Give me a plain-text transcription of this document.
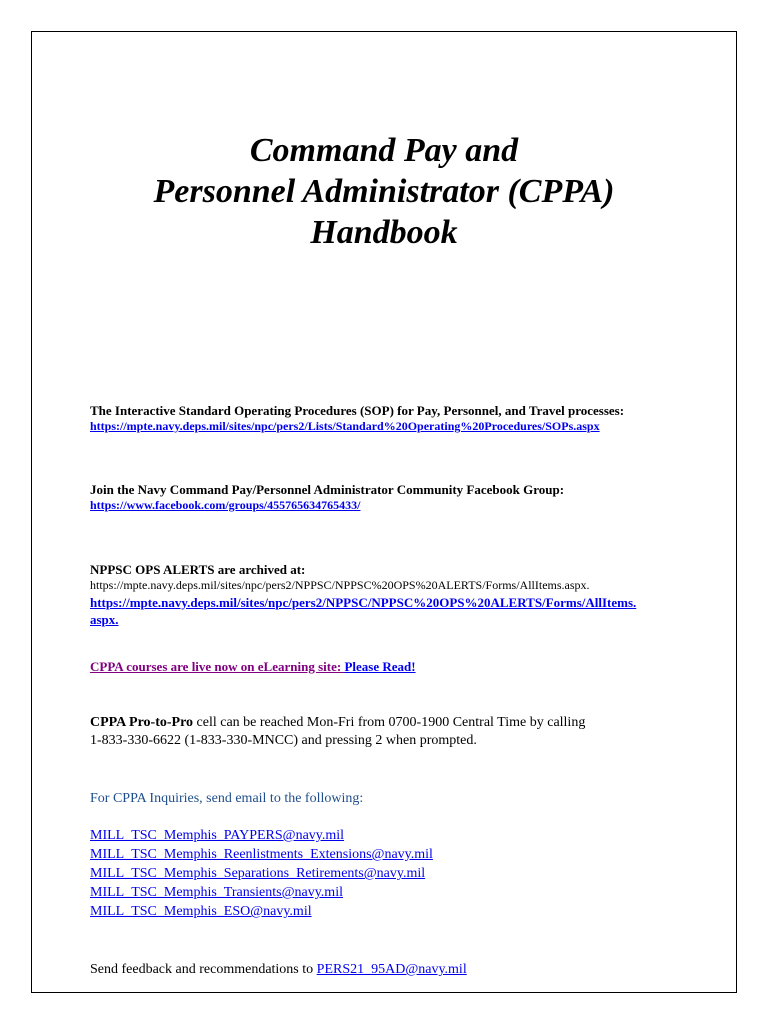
Command Pay and
Personnel Administrator (CPPA)
Handbook
The Interactive Standard Operating Procedures (SOP) for Pay, Personnel, and Travel processes:
https://mpte.navy.deps.mil/sites/npc/pers2/Lists/Standard%20Operating%20Procedures/SOPs.aspx
Join the Navy Command Pay/Personnel Administrator Community Facebook Group:
https://www.facebook.com/groups/455765634765433/
NPPSC OPS ALERTS are archived at:
https://mpte.navy.deps.mil/sites/npc/pers2/NPPSC/NPPSC%20OPS%20ALERTS/Forms/AllItems.aspx.
https://mpte.navy.deps.mil/sites/npc/pers2/NPPSC/NPPSC%20OPS%20ALERTS/Forms/AllItems.
aspx.
CPPA courses are live now on eLearning site: Please Read!
CPPA Pro-to-Pro cell can be reached Mon-Fri from 0700-1900 Central Time by calling
1-833-330-6622 (1-833-330-MNCC) and pressing 2 when prompted.
For CPPA Inquiries, send email to the following:
MILL_TSC_Memphis_PAYPERS@navy.mil
MILL_TSC_Memphis_Reenlistments_Extensions@navy.mil
MILL_TSC_Memphis_Separations_Retirements@navy.mil
MILL_TSC_Memphis_Transients@navy.mil
MILL_TSC_Memphis_ESO@navy.mil
Send feedback and recommendations to PERS21_95AD@navy.mil
